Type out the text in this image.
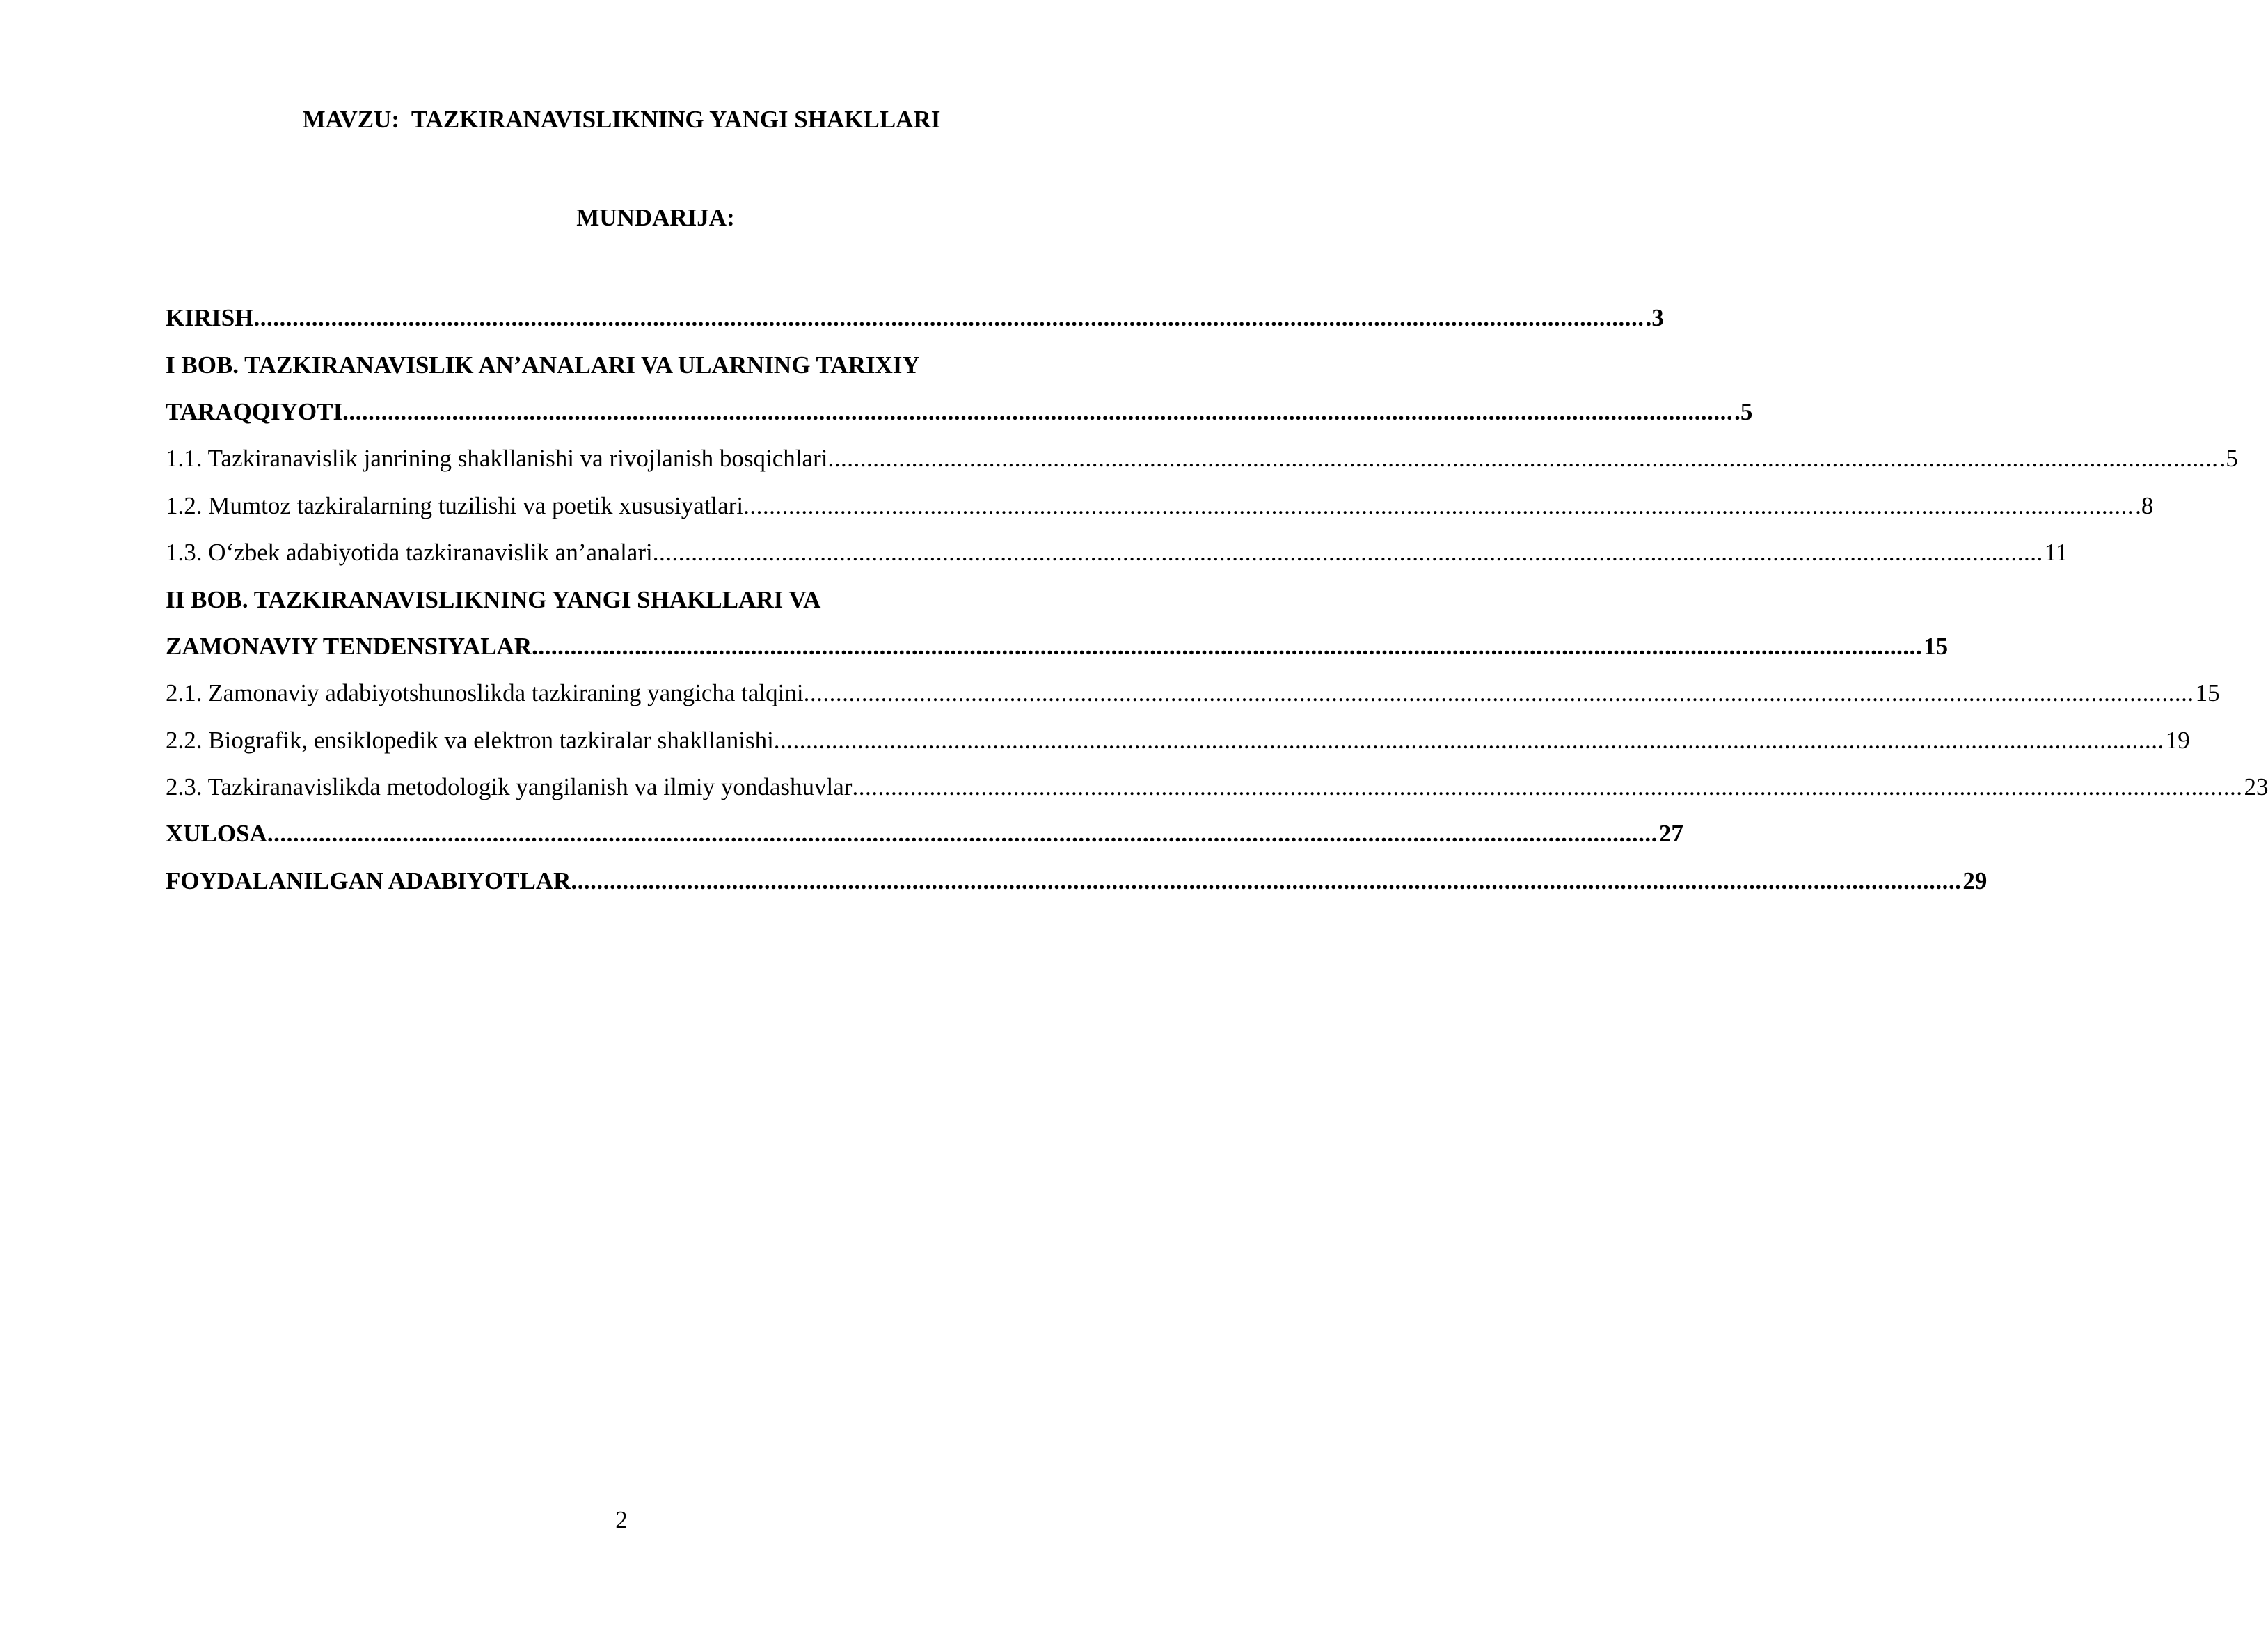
MAVZU:  TAZKIRANAVISLIKNING YANGI SHAKLLARI
MUNDARIJA:
KIRISH ........................................................................................................................................................................................................................ .3
I BOB. TAZKIRANAVISLIK AN’ANALARI VA ULARNING TARIXIY
TARAQQIYOTI ........................................................................................................................................................................................................................ .5
1.1. Tazkiranavislik janrining shakllanishi va rivojlanish bosqichlari ........................................................................................................................................................................................................................ .5
1.2. Mumtoz tazkiralarning tuzilishi va poetik xususiyatlari ........................................................................................................................................................................................................................ .8
1.3. O‘zbek adabiyotida tazkiranavislik an’analari ........................................................................................................................................................................................................................ 11
II BOB. TAZKIRANAVISLIKNING YANGI SHAKLLARI VA
ZAMONAVIY TENDENSIYALAR ........................................................................................................................................................................................................................ 15
2.1. Zamonaviy adabiyotshunoslikda tazkiraning yangicha talqini ........................................................................................................................................................................................................................ 15
2.2. Biografik, ensiklopedik va elektron tazkiralar shakllanishi ........................................................................................................................................................................................................................ 19
2.3. Tazkiranavislikda metodologik yangilanish va ilmiy yondashuvlar ........................................................................................................................................................................................................................ 23
XULOSA ........................................................................................................................................................................................................................ 27
FOYDALANILGAN ADABIYOTLAR ........................................................................................................................................................................................................................ 29
2
